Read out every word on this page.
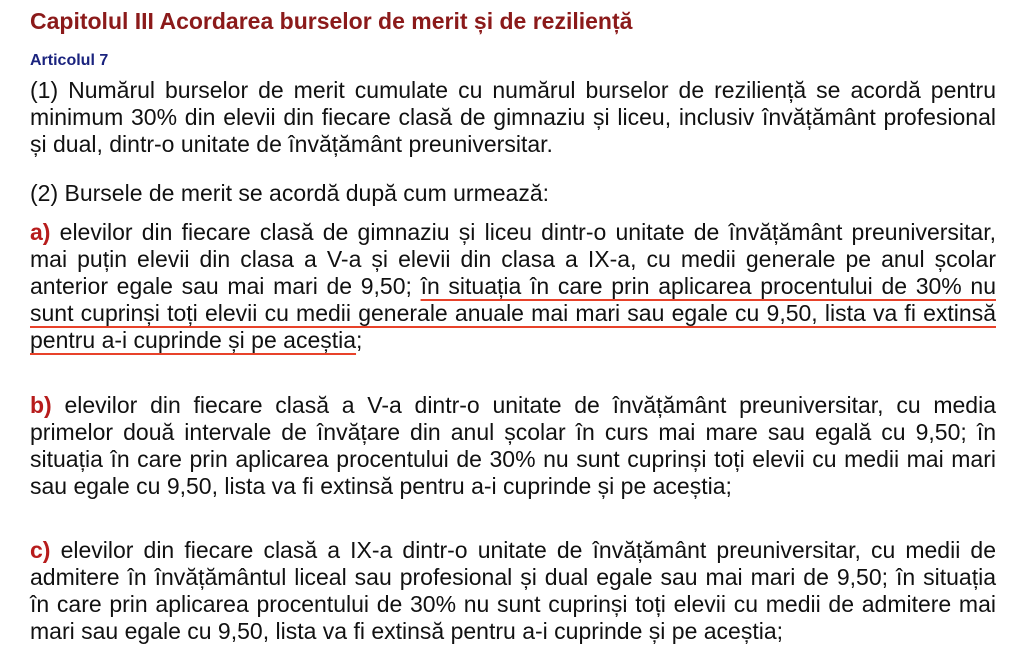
Capitolul III Acordarea burselor de merit și de reziliență
Articolul 7

(1) Numărul burselor de merit cumulate cu numărul burselor de reziliență se acordă pentru minimum 30% din elevii din fiecare clasă de gimnaziu și liceu, inclusiv învățământ profesional și dual, dintr-o unitate de învățământ preuniversitar.

(2) Bursele de merit se acordă după cum urmează:

a) elevilor din fiecare clasă de gimnaziu și liceu dintr-o unitate de învățământ preuniversitar, mai puțin elevii din clasa a V-a și elevii din clasa a IX-a, cu medii generale pe anul școlar anterior egale sau mai mari de 9,50; în situația în care prin aplicarea procentului de 30% nu sunt cuprinși toți elevii cu medii generale anuale mai mari sau egale cu 9,50, lista va fi extinsă pentru a-i cuprinde și pe aceștia;

b) elevilor din fiecare clasă a V-a dintr-o unitate de învățământ preuniversitar, cu media primelor două intervale de învățare din anul școlar în curs mai mare sau egală cu 9,50; în situația în care prin aplicarea procentului de 30% nu sunt cuprinși toți elevii cu medii mai mari sau egale cu 9,50, lista va fi extinsă pentru a-i cuprinde și pe aceștia;

c) elevilor din fiecare clasă a IX-a dintr-o unitate de învățământ preuniversitar, cu medii de admitere în învățământul liceal sau profesional și dual egale sau mai mari de 9,50; în situația în care prin aplicarea procentului de 30% nu sunt cuprinși toți elevii cu medii de admitere mai mari sau egale cu 9,50, lista va fi extinsă pentru a-i cuprinde și pe aceștia;
